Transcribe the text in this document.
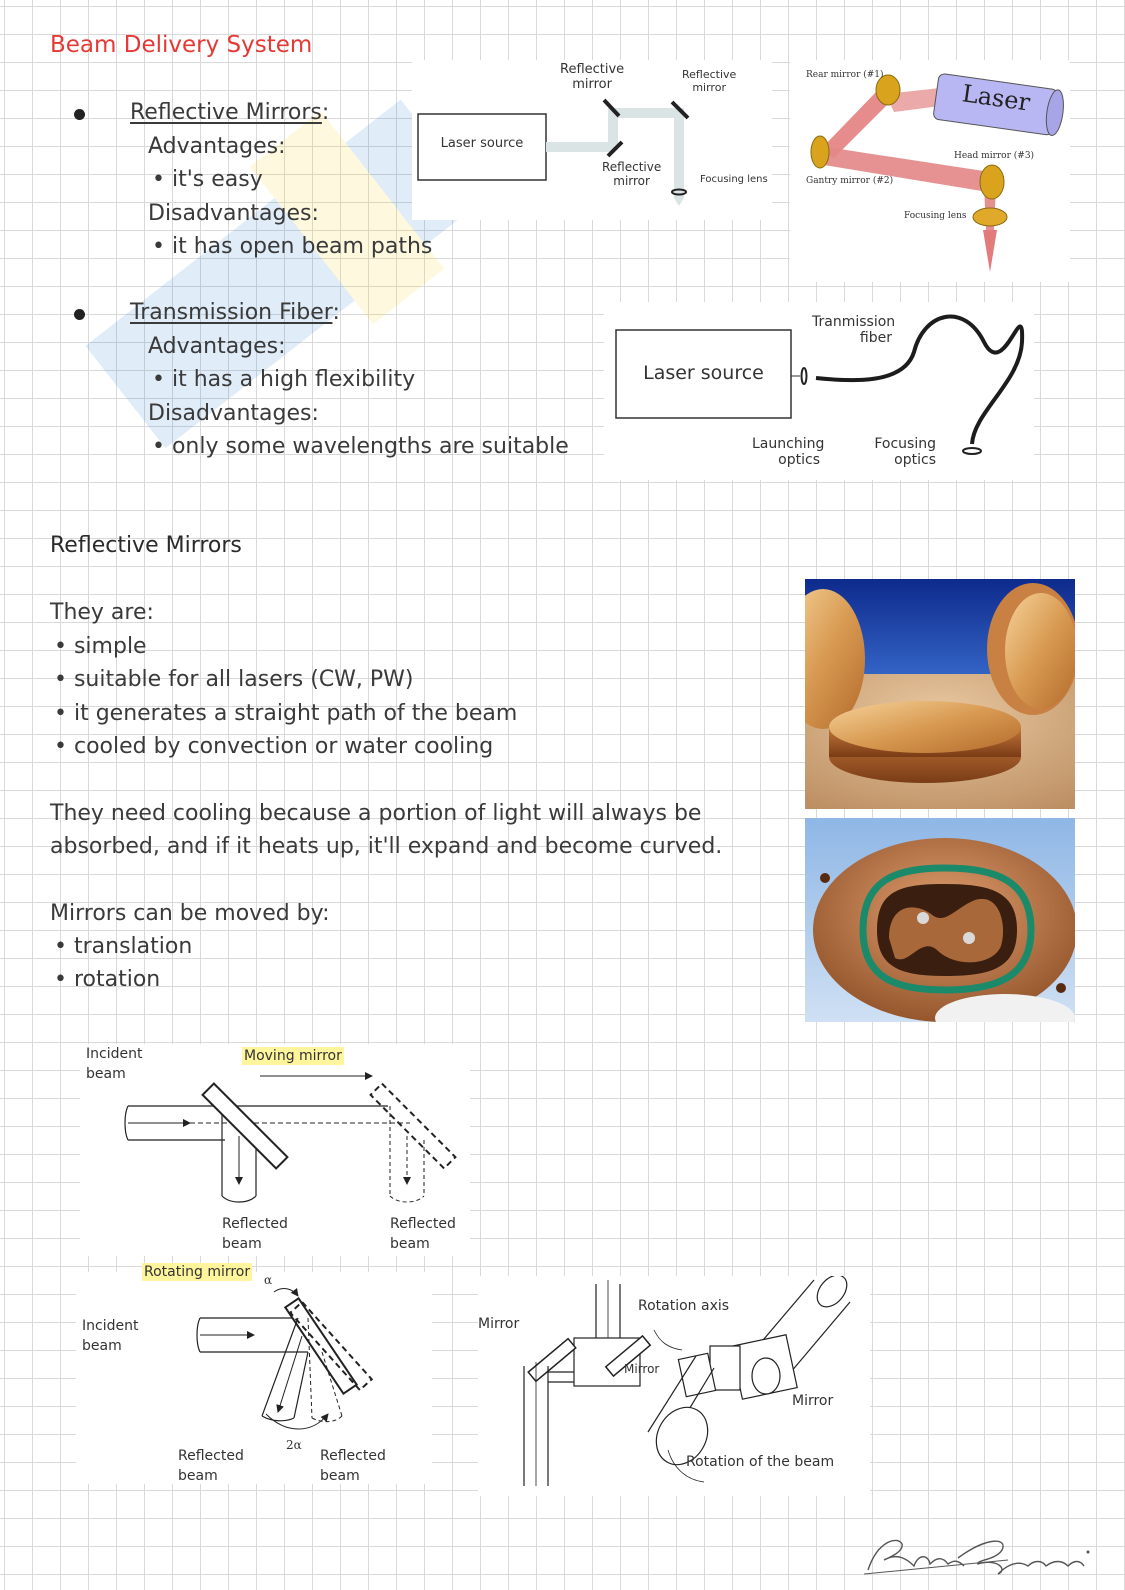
Beam Delivery System
Reflective Mirrors:
Advantages:
• it's easy
Disadvantages:
• it has open beam paths
Transmission Fiber:
Advantages:
• it has a high flexibility
Disadvantages:
• only some wavelengths are suitable
Laser source
Reflective
mirror
Reflective
mirror
Reflective
mirror	Focusing lens
Laser
Rear mirror (#1)
Head mirror (#3)
Gantry mirror (#2)
Focusing lens
Laser source
Tranmission
fiber
Launching
optics
Focusing
optics
Reflective Mirrors
They are:
• simple
• suitable for all lasers (CW, PW)
• it generates a straight path of the beam
• cooled by convection or water cooling
They need cooling because a portion of light will always be
absorbed, and if it heats up, it'll expand and become curved.
Mirrors can be moved by:
• translation
• rotation
Incident
beam
Moving mirror
Reflected
beam
Reflected
beam
Rotating mirror
Incident
beam
α
2α
Reflected
beam
Reflected
beam
Mirror
Rotation axis
Mirror
Mirror
Rotation of the beam
